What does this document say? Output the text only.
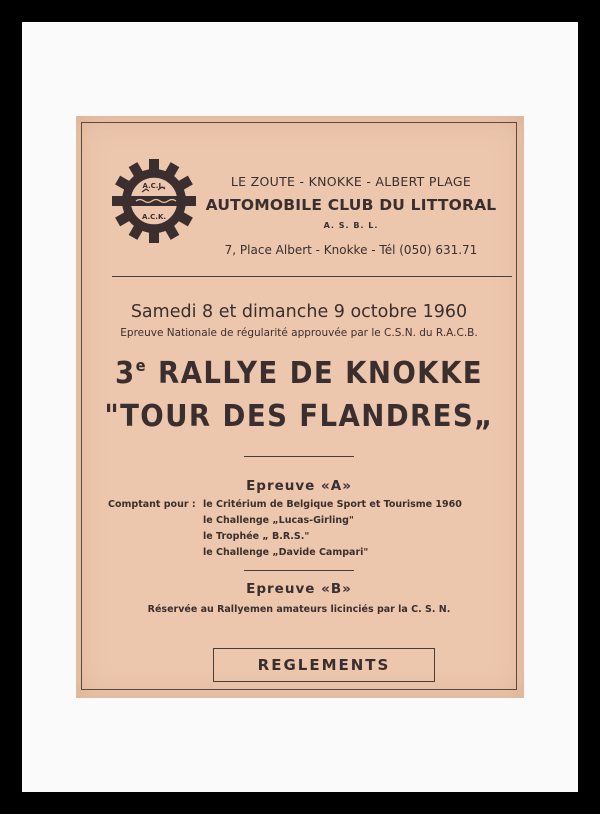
A.C.L.
A.C.K.
LE ZOUTE - KNOKKE - ALBERT PLAGE
AUTOMOBILE CLUB DU LITTORAL
A. S. B. L.
7, Place Albert - Knokke - Tél (050) 631.71
Samedi 8 et dimanche 9 octobre 1960
Epreuve Nationale de régularité approuvée par le C.S.N. du R.A.C.B.
3e RALLYE DE KNOKKE
"TOUR DES FLANDRES„
Epreuve «A»
Comptant pour : le Critérium de Belgique Sport et Tourisme 1960
le Challenge „Lucas-Girling"
le Trophée „ B.R.S."
le Challenge „Davide Campari"
Epreuve «B»
Réservée au Rallyemen amateurs licinciés par la C. S. N.
REGLEMENTS
